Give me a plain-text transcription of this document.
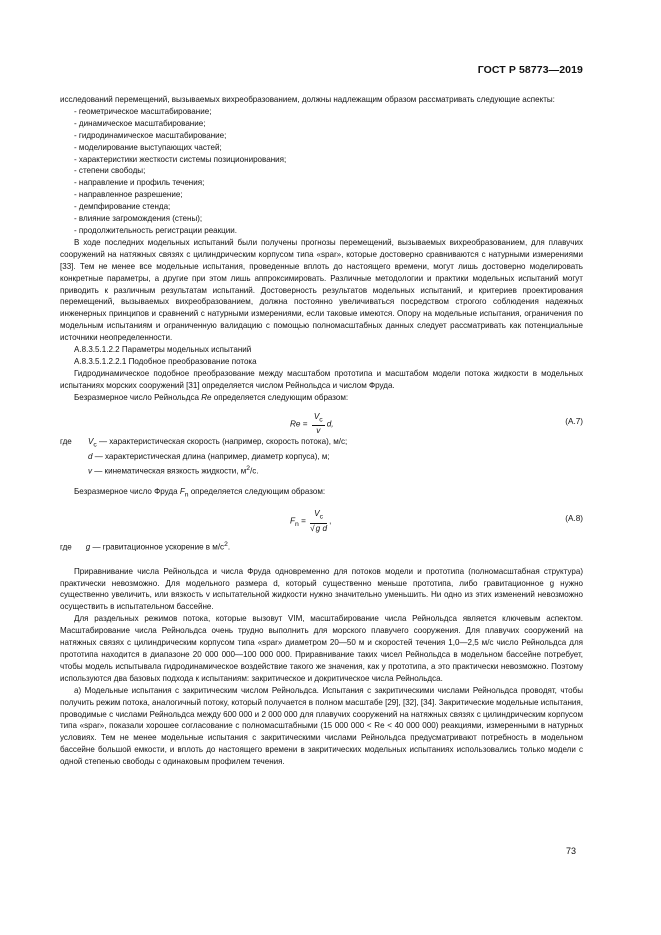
ГОСТ Р 58773—2019

исследований перемещений, вызываемых вихреобразованием, должны надлежащим образом рассматривать следующие аспекты:

- геометрическое масштабирование;
- динамическое масштабирование;
- гидродинамическое масштабирование;
- моделирование выступающих частей;
- характеристики жесткости системы позиционирования;
- степени свободы;
- направление и профиль течения;
- направленное разрешение;
- демпфирование стенда;
- влияние загромождения (стены);
- продолжительность регистрации реакции.

В ходе последних модельных испытаний были получены прогнозы перемещений, вызываемых вихреобразованием, для плавучих сооружений на натяжных связях с цилиндрическим корпусом типа «spar», которые достоверно сравниваются с натурными измерениями [33]. Тем не менее все модельные испытания, проведенные вплоть до настоящего времени, могут лишь достоверно моделировать конкретные параметры, а другие при этом лишь аппроксимировать. Различные методологии и практики модельных испытаний могут приводить к различным результатам испытаний. Достоверность результатов модельных испытаний, и критериев проектирования перемещений, вызываемых вихреобразованием, должна постоянно увеличиваться посредством строгого соблюдения надежных инженерных принципов и сравнений с натурными измерениями, если таковые имеются. Опору на модельные испытания, ограничения по модельным испытаниям и ограниченную валидацию с помощью полномасштабных данных следует рассматривать как потенциальные источники неопределенности.

A.8.3.5.1.2.2 Параметры модельных испытаний

A.8.3.5.1.2.2.1 Подобное преобразование потока

Гидродинамическое подобное преобразование между масштабом прототипа и масштабом модели потока жидкости в модельных испытаниях морских сооружений [31] определяется числом Рейнольдса и числом Фруда.

Безразмерное число Рейнольдса Re определяется следующим образом:

$Re = \frac{V_c}{v} d$,	(A.7)
где	$V_c$ — характеристическая скорость (например, скорость потока), м/с;
d — характеристическая длина (например, диаметр корпуса), м;
v — кинематическая вязкость жидкости, $м^2/с$.

Безразмерное число Фруда $F_n$ определяется следующим образом:

$F_n = \frac{V_c}{\text{√g d}}$ ,	(A.8)
где g — гравитационное ускорение в $м/с^2$.

Приравнивание числа Рейнольдса и числа Фруда одновременно для потоков модели и прототипа (полномасштабная структура) практически невозможно. Для модельного размера d, который существенно меньше прототипа, либо гравитационное g нужно существенно увеличить, или вязкость v испытательной жидкости нужно значительно уменьшить. Ни одно из этих изменений невозможно осуществить в испытательном бассейне.

Для раздельных режимов потока, которые вызовут VIM, масштабирование числа Рейнольдса является ключевым аспектом. Масштабирование числа Рейнольдса очень трудно выполнить для морского плавучего сооружения. Для плавучих сооружений на натяжных связях с цилиндрическим корпусом типа «spar» диаметром 20—50 м и скоростей течения 1,0—2,5 м/с число Рейнольдса для прототипа находится в диапазоне 20 000 000—100 000 000. Приравнивание таких чисел Рейнольдса в модельном бассейне потребует, чтобы модель испытывала гидродинамическое воздействие такого же значения, как у прототипа, а это практически невозможно. Поэтому используются два базовых подхода к испытаниям: закритическое и докритическое числа Рейнольдса.

а) Модельные испытания с закритическим числом Рейнольдса. Испытания с закритическими числами Рейнольдса проводят, чтобы получить режим потока, аналогичный потоку, который получается в полном масштабе [29], [32], [34]. Закритические модельные испытания, проводимые с числами Рейнольдса между 600 000 и 2 000 000 для плавучих сооружений на натяжных связях с цилиндрическим корпусом типа «spar», показали хорошее согласование с полномасштабными (15 000 000 < Re < 40 000 000) реакциями, измеренными в натурных условиях. Тем не менее модельные испытания с закритическими числами Рейнольдса предусматривают потребность в модельном бассейне большой емкости, и вплоть до настоящего времени в закритических модельных испытаниях использовались только модели с одной степенью свободы с одинаковым профилем течения.

73
